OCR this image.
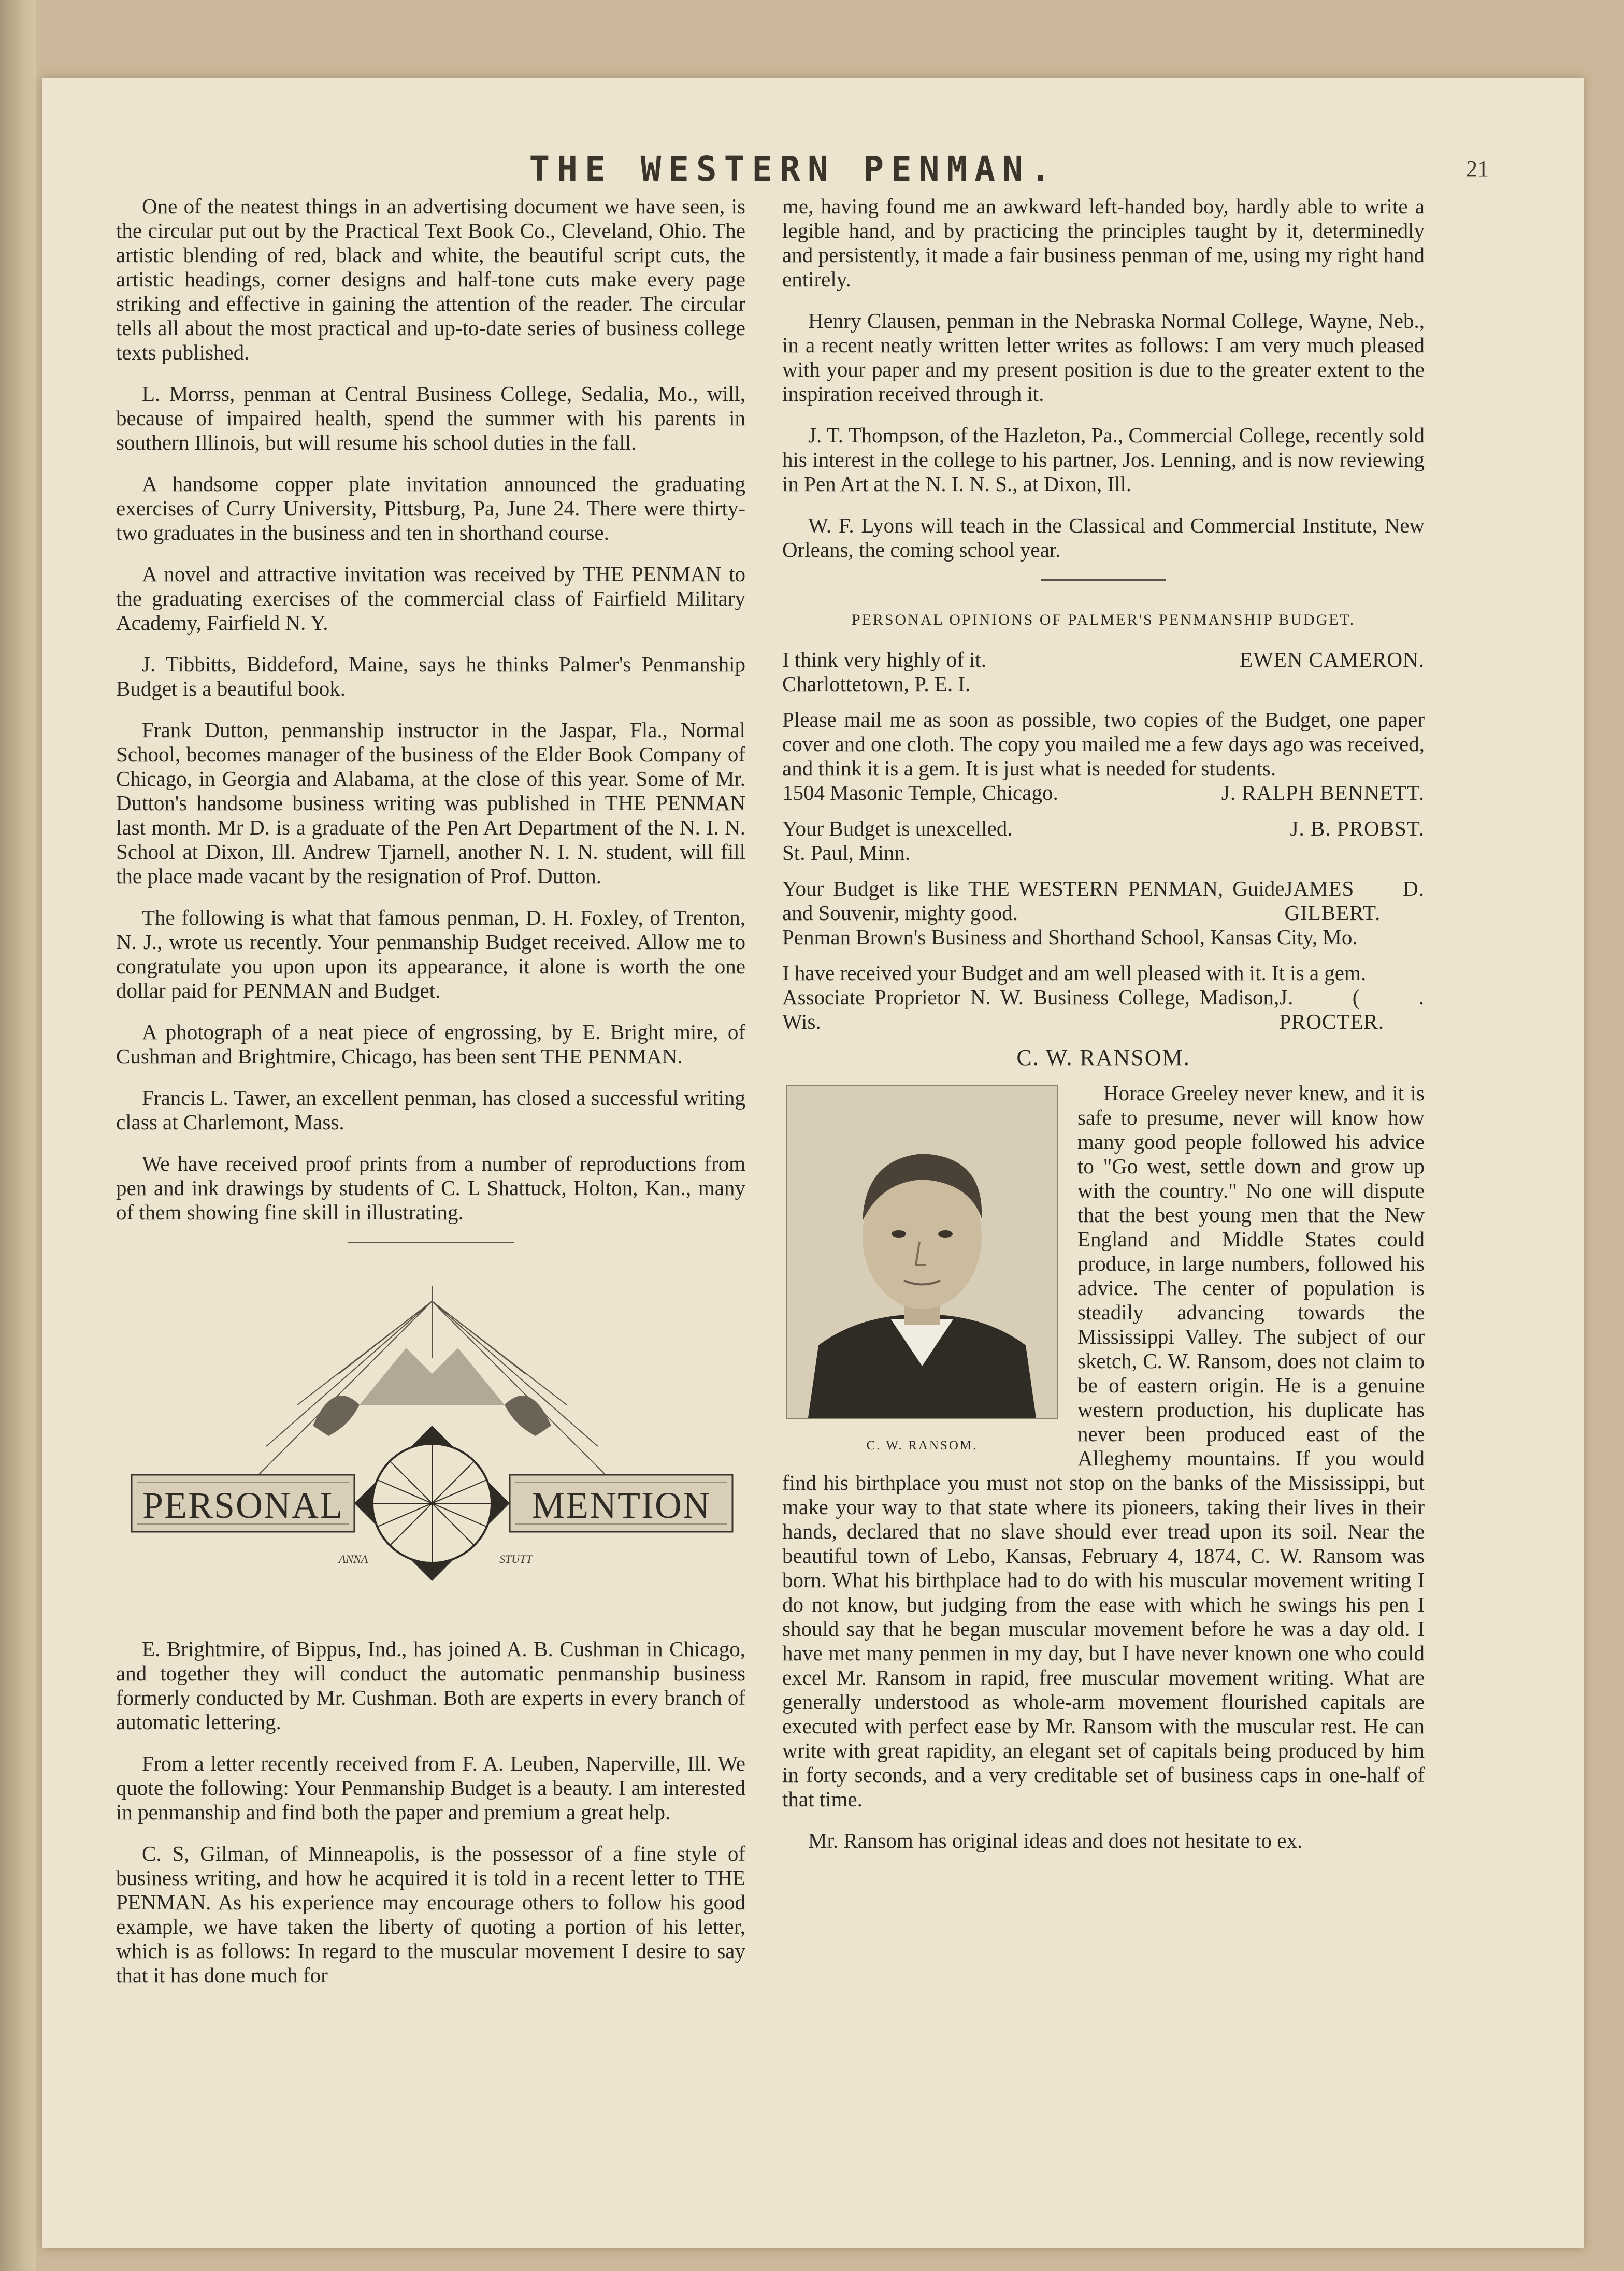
THE WESTERN PENMAN.	21

One of the neatest things in an advertising document we have seen, is the circular put out by the Practical Text Book Co., Cleveland, Ohio. The artistic blending of red, black and white, the beautiful script cuts, the artistic headings, corner designs and half-tone cuts make every page striking and effective in gaining the attention of the reader. The circular tells all about the most practical and up-to-date series of business college texts published.

L. Morrss, penman at Central Business College, Sedalia, Mo., will, because of impaired health, spend the summer with his parents in southern Illinois, but will resume his school duties in the fall.

A handsome copper plate invitation announced the graduating exercises of Curry University, Pittsburg, Pa, June 24. There were thirty-two graduates in the business and ten in shorthand course.

A novel and attractive invitation was received by THE PENMAN to the graduating exercises of the commercial class of Fairfield Military Academy, Fairfield N. Y.

J. Tibbitts, Biddeford, Maine, says he thinks Palmer's Penmanship Budget is a beautiful book.

Frank Dutton, penmanship instructor in the Jaspar, Fla., Normal School, becomes manager of the business of the Elder Book Company of Chicago, in Georgia and Alabama, at the close of this year. Some of Mr. Dutton's handsome business writing was published in THE PENMAN last month. Mr D. is a graduate of the Pen Art Department of the N. I. N. School at Dixon, Ill. Andrew Tjarnell, another N. I. N. student, will fill the place made vacant by the resignation of Prof. Dutton.

The following is what that famous penman, D. H. Foxley, of Trenton, N. J., wrote us recently. Your penmanship Budget received. Allow me to congratulate you upon upon its appearance, it alone is worth the one dollar paid for PENMAN and Budget.

A photograph of a neat piece of engrossing, by E. Bright mire, of Cushman and Brightmire, Chicago, has been sent THE PENMAN.

Francis L. Tawer, an excellent penman, has closed a successful writing class at Charlemont, Mass.

We have received proof prints from a number of reproductions from pen and ink drawings by students of C. L Shattuck, Holton, Kan., many of them showing fine skill in illustrating.

PERSONAL	MENTION
ANNA	STUTT

E. Brightmire, of Bippus, Ind., has joined A. B. Cushman in Chicago, and together they will conduct the automatic penmanship business formerly conducted by Mr. Cushman. Both are experts in every branch of automatic lettering.

From a letter recently received from F. A. Leuben, Naperville, Ill. We quote the following: Your Penmanship Budget is a beauty. I am interested in penmanship and find both the paper and premium a great help.

C. S, Gilman, of Minneapolis, is the possessor of a fine style of business writing, and how he acquired it is told in a recent letter to THE PENMAN. As his experience may encourage others to follow his good example, we have taken the liberty of quoting a portion of his letter, which is as follows: In regard to the muscular movement I desire to say that it has done much for

me, having found me an awkward left-handed boy, hardly able to write a legible hand, and by practicing the principles taught by it, determinedly and persistently, it made a fair business penman of me, using my right hand entirely.

Henry Clausen, penman in the Nebraska Normal College, Wayne, Neb., in a recent neatly written letter writes as follows: I am very much pleased with your paper and my present position is due to the greater extent to the inspiration received through it.

J. T. Thompson, of the Hazleton, Pa., Commercial College, recently sold his interest in the college to his partner, Jos. Lenning, and is now reviewing in Pen Art at the N. I. N. S., at Dixon, Ill.

W. F. Lyons will teach in the Classical and Commercial Institute, New Orleans, the coming school year.

PERSONAL OPINIONS OF PALMER'S PENMANSHIP BUDGET.
I think very highly of it.	EWEN CAMERON.
Charlottetown, P. E. I.
Please mail me as soon as possible, two copies of the Budget, one paper cover and one cloth. The copy you mailed me a few days ago was received, and think it is a gem. It is just what is needed for students.
1504 Masonic Temple, Chicago.	J. RALPH BENNETT.
Your Budget is unexcelled.	J. B. PROBST.
St. Paul, Minn.
Your Budget is like THE WESTERN PENMAN, Guide and Souvenir, mighty good.
JAMES D. GILBERT.
Penman Brown's Business and Shorthand School, Kansas City, Mo.
I have received your Budget and am well pleased with it. It is a gem.
Associate Proprietor N. W. Business College, Madison, Wis.
J. ( . PROCTER.
C. W. RANSOM.
C. W. RANSOM.

Horace Greeley never knew, and it is safe to presume, never will know how many good people followed his advice to "Go west, settle down and grow up with the country." No one will dispute that the best young men that the New England and Middle States could produce, in large numbers, followed his advice. The center of population is steadily advancing towards the Mississippi Valley. The subject of our sketch, C. W. Ransom, does not claim to be of eastern origin. He is a genuine western production, his duplicate has never been produced east of the Alleghemy mountains. If you would find his birthplace you must not stop on the banks of the Mississippi, but make your way to that state where its pioneers, taking their lives in their hands, declared that no slave should ever tread upon its soil. Near the beautiful town of Lebo, Kansas, February 4, 1874, C. W. Ransom was born. What his birthplace had to do with his muscular movement writing I do not know, but judging from the ease with which he swings his pen I should say that he began muscular movement before he was a day old. I have met many penmen in my day, but I have never known one who could excel Mr. Ransom in rapid, free muscular movement writing. What are generally understood as whole-arm movement flourished capitals are executed with perfect ease by Mr. Ransom with the muscular rest. He can write with great rapidity, an elegant set of capitals being produced by him in forty seconds, and a very creditable set of business caps in one-half of that time.

Mr. Ransom has original ideas and does not hesitate to ex.
